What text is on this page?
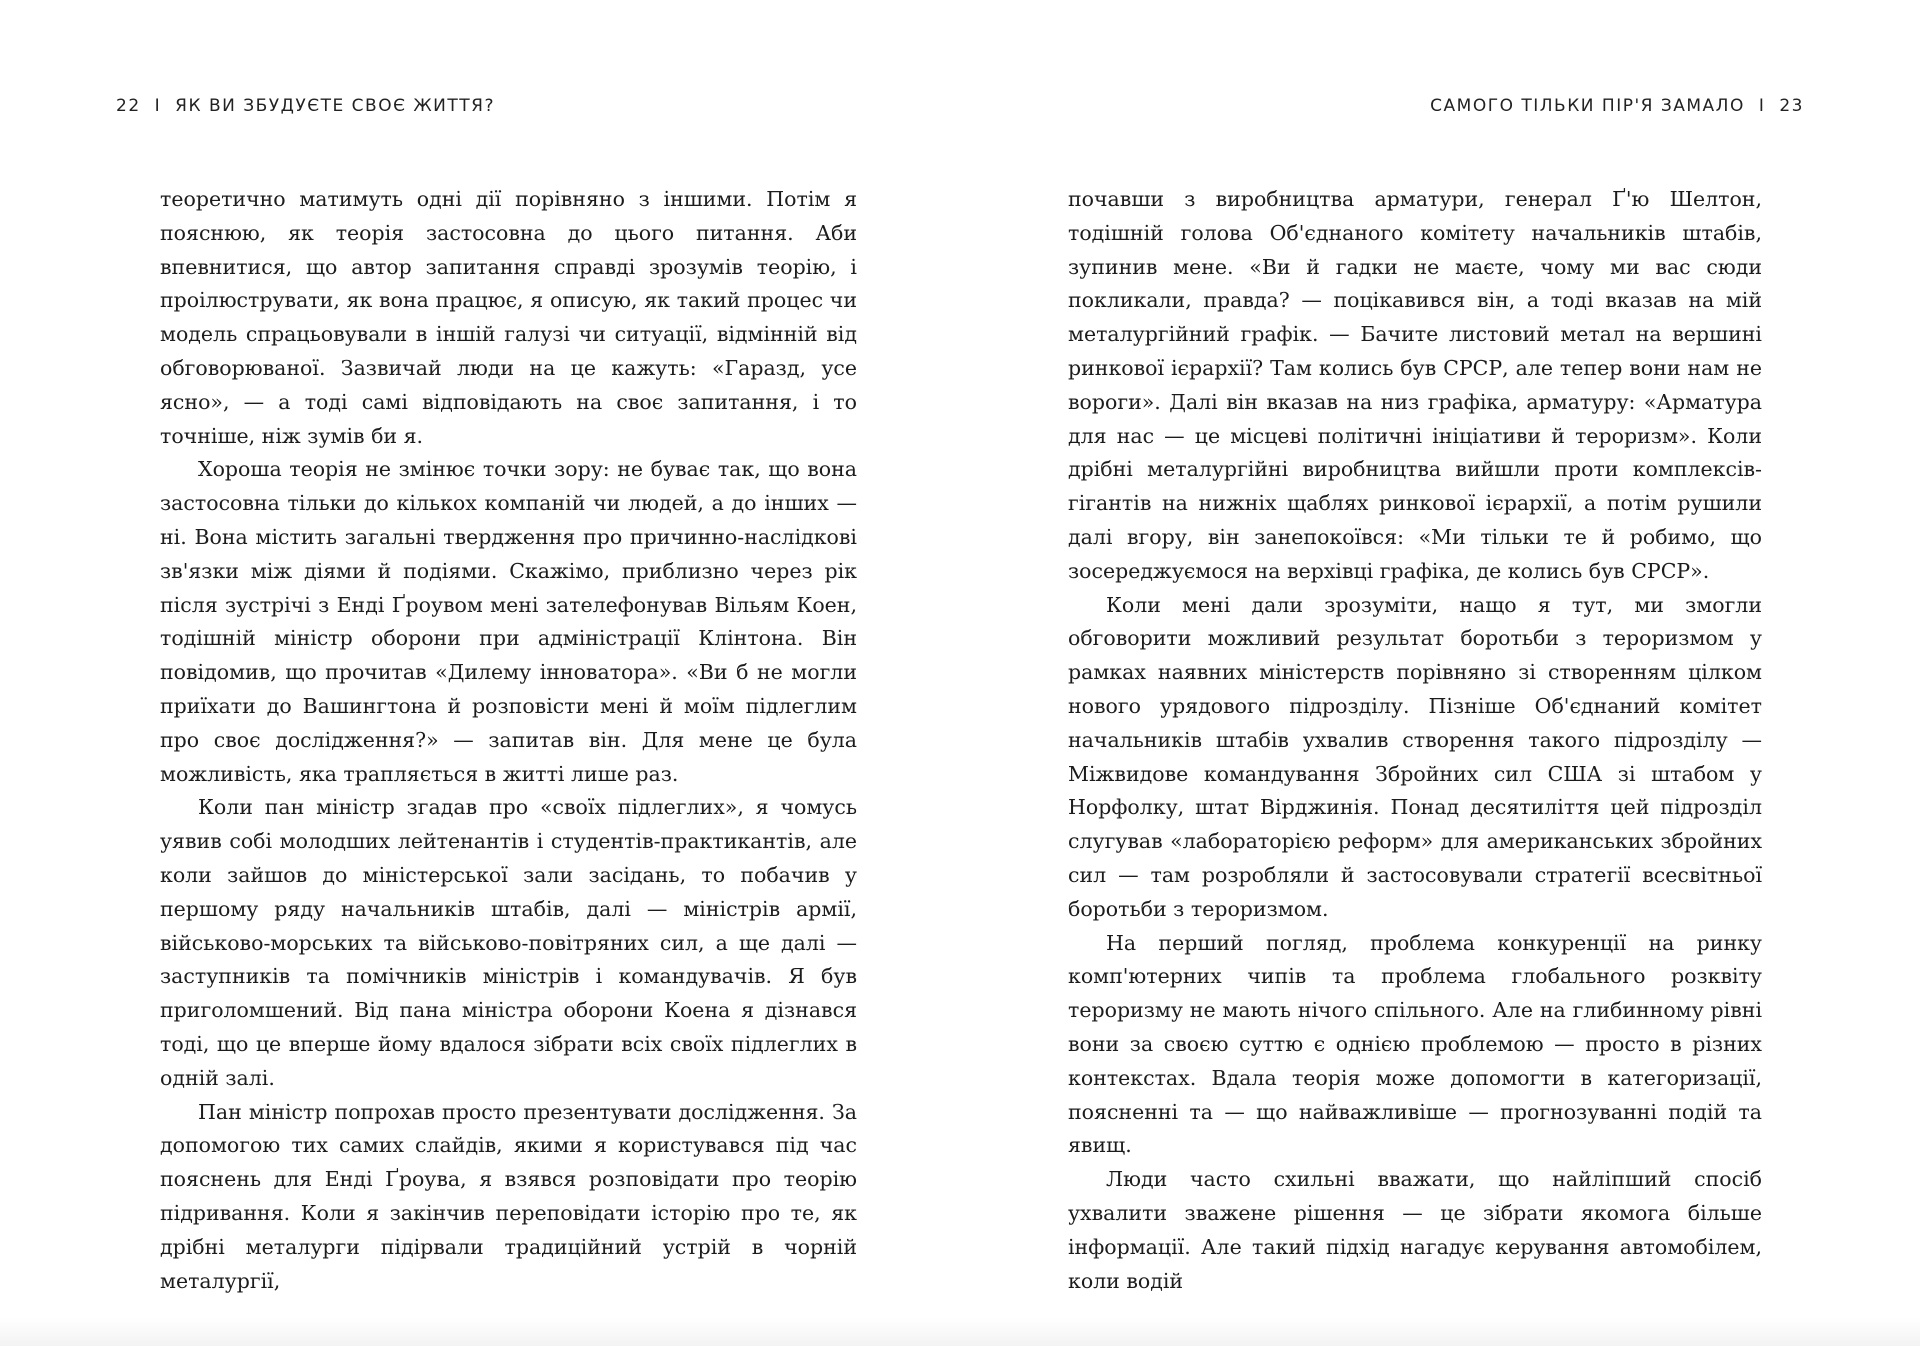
22 I ЯК ВИ ЗБУДУЄТЕ СВОЄ ЖИТТЯ?	САМОГО ТІЛЬКИ ПІР'Я ЗАМАЛО I 23

теоретично матимуть одні дії порівняно з іншими. Потім я пояснюю, як теорія застосовна до цього питання. Аби впевнитися, що автор запитання справді зрозумів теорію, і проілюструвати, як вона працює, я описую, як такий процес чи модель спрацьовували в іншій галузі чи ситуації, відмінній від обговорюваної. Зазвичай люди на це кажуть: «Гаразд, усе ясно», — а тоді самі відповідають на своє запитання, і то точніше, ніж зумів би я.

Хороша теорія не змінює точки зору: не буває так, що вона застосовна тільки до кількох компаній чи людей, а до інших — ні. Вона містить загальні твердження про причинно-наслідкові зв'язки між діями й подіями. Скажімо, приблизно через рік після зустрічі з Енді Ґроувом мені зателефонував Вільям Коен, тодішній міністр оборони при адміністрації Клінтона. Він повідомив, що прочитав «Дилему інноватора». «Ви б не могли приїхати до Вашингтона й розповісти мені й моїм підлеглим про своє дослідження?» — запитав він. Для мене це була можливість, яка трапляється в житті лише раз.

Коли пан міністр згадав про «своїх підлеглих», я чомусь уявив собі молодших лейтенантів і студентів-практикантів, але коли зайшов до міністерської зали засідань, то побачив у першому ряду начальників штабів, далі — міністрів армії, військово-морських та військово-повітряних сил, а ще далі — заступників та помічників міністрів і командувачів. Я був приголомшений. Від пана міністра оборони Коена я дізнався тоді, що це вперше йому вдалося зібрати всіх своїх підлеглих в одній залі.

Пан міністр попрохав просто презентувати дослідження. За допомогою тих самих слайдів, якими я користувався під час пояснень для Енді Ґроува, я взявся розповідати про теорію підривання. Коли я закінчив переповідати історію про те, як дрібні металурги підірвали традиційний устрій в чорній металургії,

почавши з виробництва арматури, генерал Ґ'ю Шелтон, тодішній голова Об'єднаного комітету начальників штабів, зупинив мене. «Ви й гадки не маєте, чому ми вас сюди покликали, правда? — поцікавився він, а тоді вказав на мій металургійний графік. — Бачите листовий метал на вершині ринкової ієрархії? Там колись був СРСР, але тепер вони нам не вороги». Далі він вказав на низ графіка, арматуру: «Арматура для нас — це місцеві політичні ініціативи й тероризм». Коли дрібні металургійні виробництва вийшли проти комплексів-гігантів на нижніх щаблях ринкової ієрархії, а потім рушили далі вгору, він занепокоївся: «Ми тільки те й робимо, що зосереджуємося на верхівці графіка, де колись був СРСР».

Коли мені дали зрозуміти, нащо я тут, ми змогли обговорити можливий результат боротьби з тероризмом у рамках наявних міністерств порівняно зі створенням цілком нового урядового підрозділу. Пізніше Об'єднаний комітет начальників штабів ухвалив створення такого підрозділу — Міжвидове командування Збройних сил США зі штабом у Норфолку, штат Вірджинія. Понад десятиліття цей підрозділ слугував «лабораторією реформ» для американських збройних сил — там розробляли й застосовували стратегії всесвітньої боротьби з тероризмом.

На перший погляд, проблема конкуренції на ринку комп'ютерних чипів та проблема глобального розквіту тероризму не мають нічого спільного. Але на глибинному рівні вони за своєю суттю є однією проблемою — просто в різних контекстах. Вдала теорія може допомогти в категоризації, поясненні та — що найважливіше — прогнозуванні подій та явищ.

Люди часто схильні вважати, що найліпший спосіб ухвалити зважене рішення — це зібрати якомога більше інформації. Але такий підхід нагадує керування автомобілем, коли водій
